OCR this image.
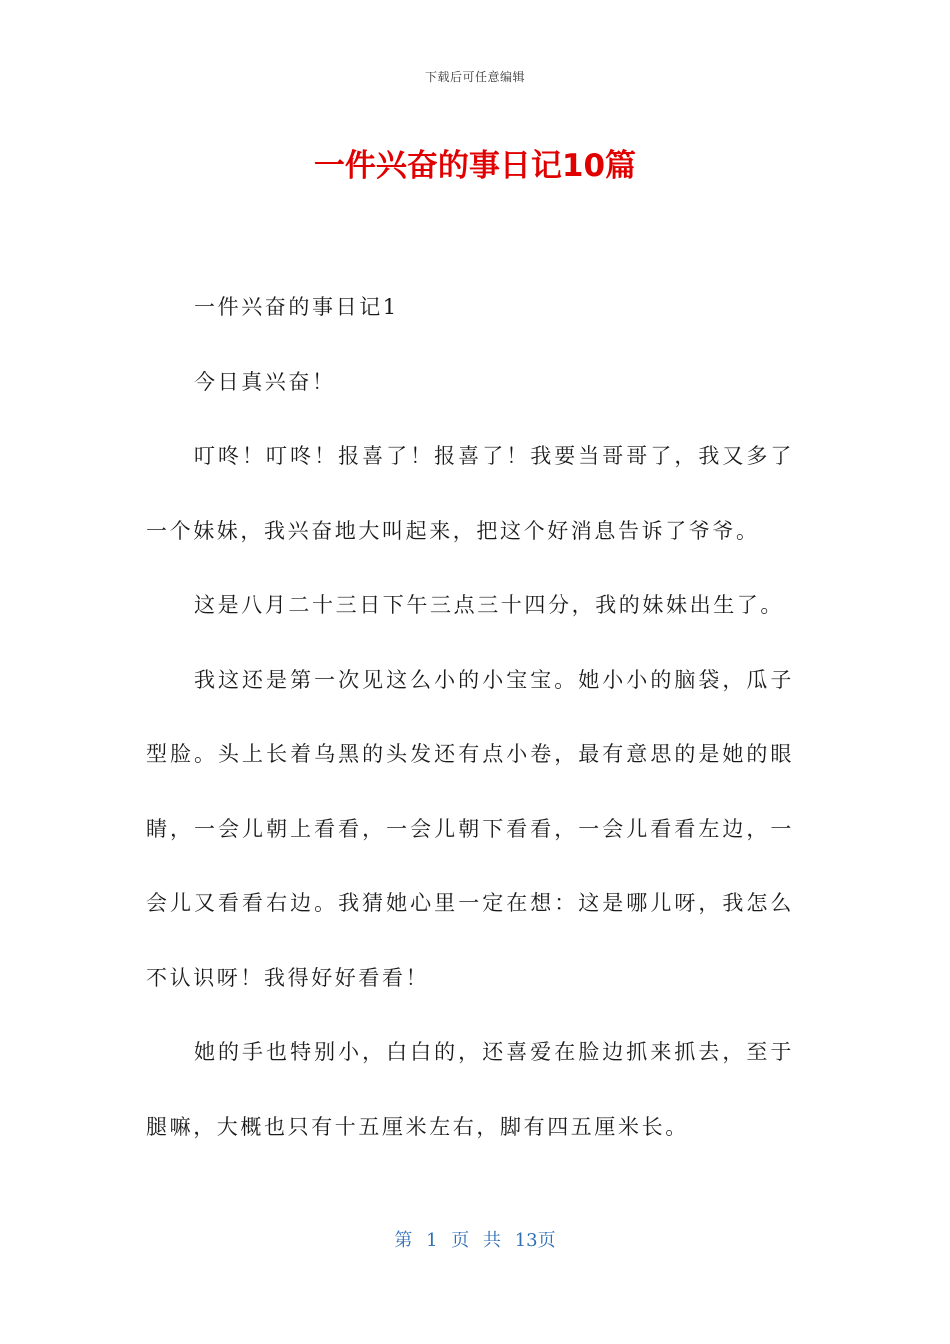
下载后可任意编辑
一件兴奋的事日记10篇

一件兴奋的事日记1

今日真兴奋！

叮咚！叮咚！报喜了！报喜了！我要当哥哥了，我又多了一个妹妹，我兴奋地大叫起来，把这个好消息告诉了爷爷。

这是八月二十三日下午三点三十四分，我的妹妹出生了。

我这还是第一次见这么小的小宝宝。她小小的脑袋，瓜子型脸。头上长着乌黑的头发还有点小卷，最有意思的是她的眼睛，一会儿朝上看看，一会儿朝下看看，一会儿看看左边，一会儿又看看右边。我猜她心里一定在想：这是哪儿呀，我怎么不认识呀！我得好好看看！

她的手也特别小，白白的，还喜爱在脸边抓来抓去，至于腿嘛，大概也只有十五厘米左右，脚有四五厘米长。

第 1 页 共 13页
